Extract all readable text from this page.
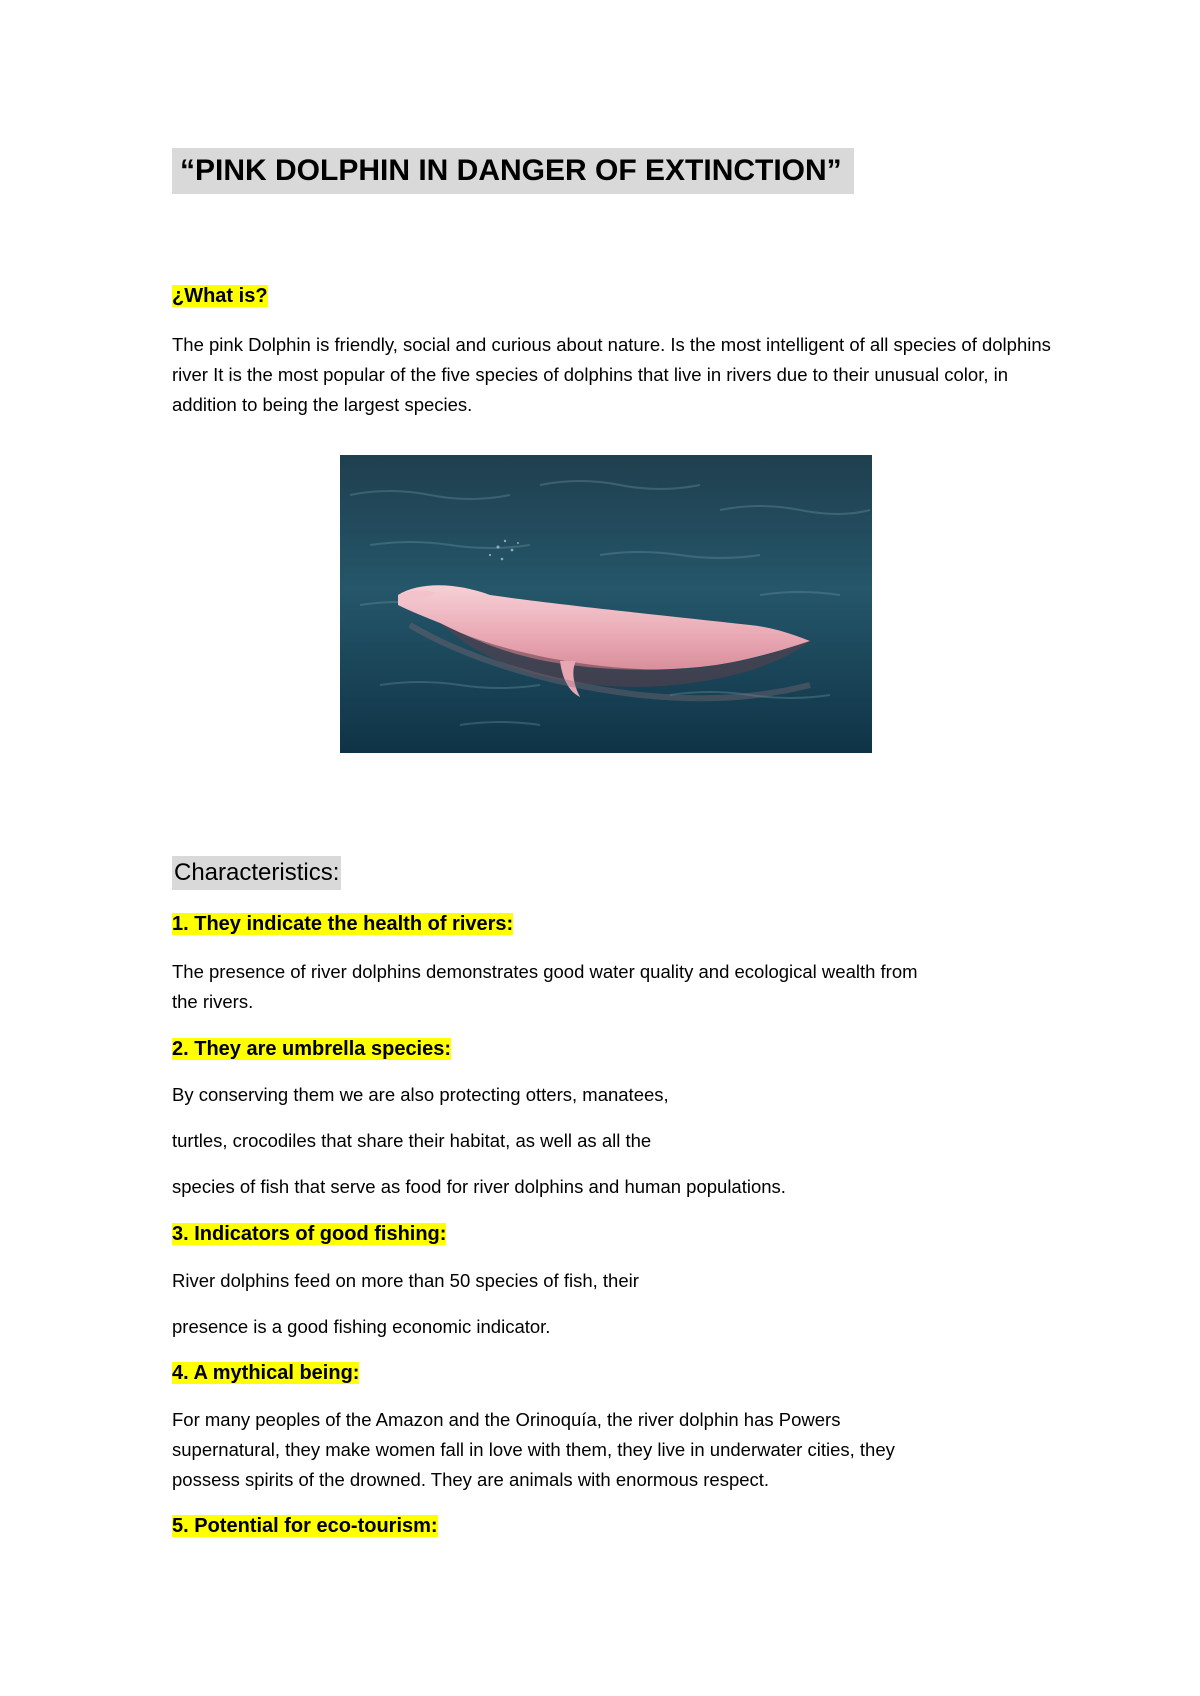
“PINK DOLPHIN IN DANGER OF EXTINCTION”
¿What is?
The pink Dolphin is friendly, social and curious about nature. Is the most intelligent of all species of dolphins river It is the most popular of the five species of dolphins that live in rivers due to their unusual color, in addition to being the largest species.
Characteristics:
1. They indicate the health of rivers:
The presence of river dolphins demonstrates good water quality and ecological wealth from
the rivers.
2. They are umbrella species:
By conserving them we are also protecting otters, manatees,
turtles, crocodiles that share their habitat, as well as all the
species of fish that serve as food for river dolphins and human populations.
3. Indicators of good fishing:
River dolphins feed on more than 50 species of fish, their
presence is a good fishing economic indicator.
4. A mythical being:
For many peoples of the Amazon and the Orinoquía, the river dolphin has Powers
supernatural, they make women fall in love with them, they live in underwater cities, they
possess spirits of the drowned. They are animals with enormous respect.
5. Potential for eco-tourism:
